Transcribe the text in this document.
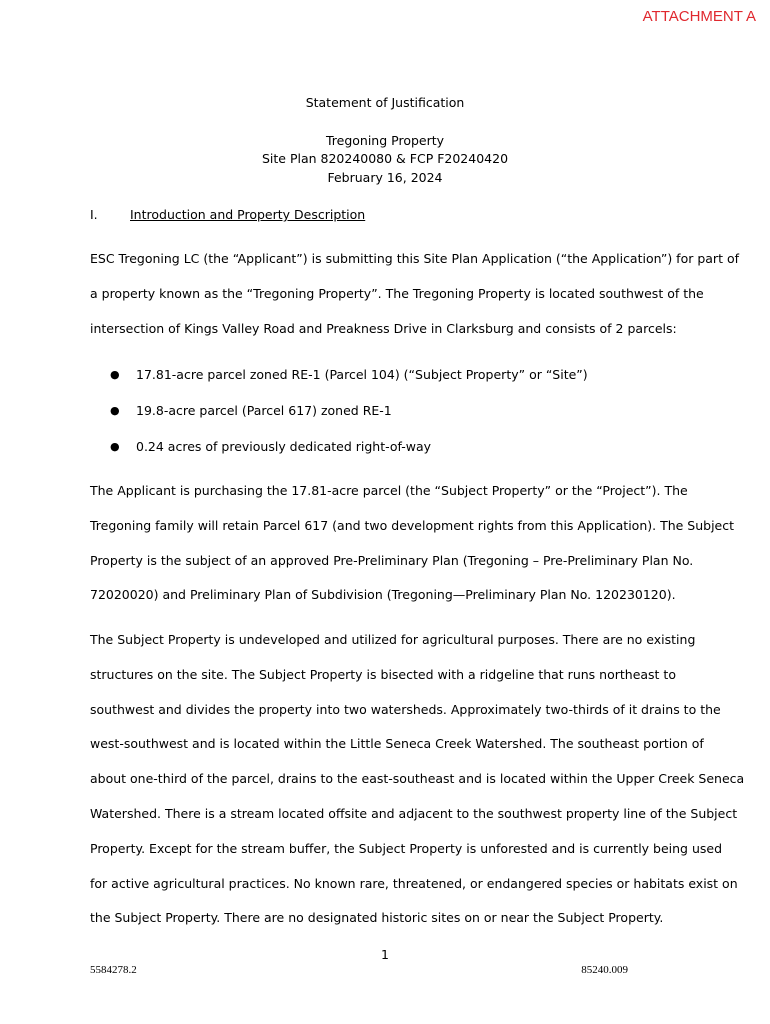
ATTACHMENT A
Statement of Justification
Tregoning Property
Site Plan 820240080 & FCP F20240420
February 16, 2024
I.	Introduction and Property Description

ESC Tregoning LC (the “Applicant”) is submitting this Site Plan Application (“the Application”) for part of
a property known as the “Tregoning Property”. The Tregoning Property is located southwest of the
intersection of Kings Valley Road and Preakness Drive in Clarksburg and consists of 2 parcels:

● 17.81-acre parcel zoned RE-1 (Parcel 104) (“Subject Property” or “Site”)
● 19.8-acre parcel (Parcel 617) zoned RE-1
● 0.24 acres of previously dedicated right-of-way

The Applicant is purchasing the 17.81-acre parcel (the “Subject Property” or the “Project”). The
Tregoning family will retain Parcel 617 (and two development rights from this Application). The Subject
Property is the subject of an approved Pre-Preliminary Plan (Tregoning – Pre-Preliminary Plan No.
72020020) and Preliminary Plan of Subdivision (Tregoning—Preliminary Plan No. 120230120).

The Subject Property is undeveloped and utilized for agricultural purposes. There are no existing
structures on the site. The Subject Property is bisected with a ridgeline that runs northeast to
southwest and divides the property into two watersheds. Approximately two-thirds of it drains to the
west-southwest and is located within the Little Seneca Creek Watershed. The southeast portion of
about one-third of the parcel, drains to the east-southeast and is located within the Upper Creek Seneca
Watershed. There is a stream located offsite and adjacent to the southwest property line of the Subject
Property. Except for the stream buffer, the Subject Property is unforested and is currently being used
for active agricultural practices. No known rare, threatened, or endangered species or habitats exist on
the Subject Property. There are no designated historic sites on or near the Subject Property.

1
5584278.2	85240.009
